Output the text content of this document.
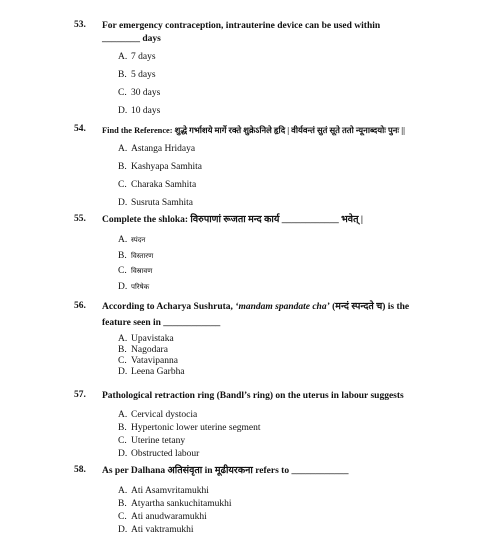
53. For emergency contraception, intrauterine device can be used within
________ days
A. 7 days
B. 5 days
C. 30 days
D. 10 days
54. Find the Reference: शुद्धे गर्भाशये मार्गे रक्ते शुक्रेऽनिले हृदि | वीर्यवन्तं सुतं सूते ततो न्यूनाब्दयोः पुनः ||
A. Astanga Hridaya
B. Kashyapa Samhita
C. Charaka Samhita
D. Susruta Samhita
55. Complete the shloka: विरुपाणां रूजता मन्द कार्य ____________ भवेत् |
A. स्पंदन
B. विस्तारण
C. विस्रावण
D. परिषेक
56. According to Acharya Sushruta, ‘mandam spandate cha’ (मन्दं स्पन्दते च) is the
feature seen in ____________
A. Upavistaka
B. Nagodara
C. Vatavipanna
D. Leena Garbha
57. Pathological retraction ring (Bandl’s ring) on the uterus in labour suggests
A. Cervical dystocia
B. Hypertonic lower uterine segment
C. Uterine tetany
D. Obstructed labour
58. As per Dalhana अतिसंवृता in मूढीयरकना refers to ____________
A. Ati Asamvritamukhi
B. Atyartha sankuchitamukhi
C. Ati anudwaramukhi
D. Ati vaktramukhi
